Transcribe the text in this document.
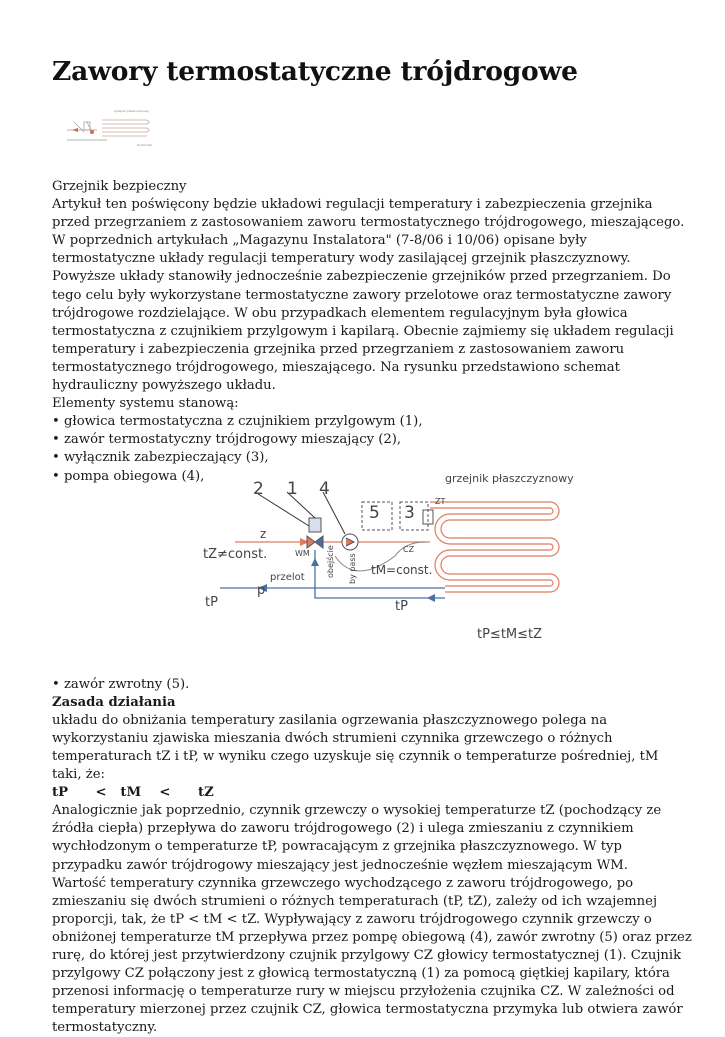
Zawory termostatyczne trójdrogowe
grzejnik płaszczyznowy
tp≤tm≤tz

Grzejnik bezpieczny

Artykuł ten poświęcony będzie układowi regulacji temperatury i zabezpieczenia grzejnika przed przegrzaniem z zastosowaniem zaworu termostatycznego trójdrogowego, mieszającego.

W poprzednich artykułach „Magazynu Instalatora" (7-8/06 i 10/06) opisane były termostatyczne układy regulacji temperatury wody zasilającej grzejnik płaszczyznowy. Powyższe układy stanowiły jednocześnie zabezpieczenie grzejników przed przegrzaniem. Do tego celu były wykorzystane termostatyczne zawory przelotowe oraz termostatyczne zawory trójdrogowe rozdzielające. W obu przypadkach elementem regulacyjnym była głowica termostatyczna z czujnikiem przylgowym i kapilarą. Obecnie zajmiemy się układem regulacji temperatury i zabezpieczenia grzejnika przed przegrzaniem z zastosowaniem zaworu termostatycznego trójdrogowego, mieszającego. Na rysunku przedstawiono schemat hydrauliczny powyższego układu.

Elementy systemu stanową:

• głowica termostatyczna z czujnikiem przylgowym (1),

• zawór termostatyczny trójdrogowy mieszający (2),

• wyłącznik zabezpieczający (3),

• pompa obiegowa (4),

• zawór zwrotny (5).

Zasada działania

układu do obniżania temperatury zasilania ogrzewania płaszczyznowego polega na wykorzystaniu zjawiska mieszania dwóch strumieni czynnika grzewczego o różnych temperaturach tZ i tP, w wyniku czego uzyskuje się czynnik o temperaturze pośredniej, tM taki, że:

tP      <   tM    <      tZ

Analogicznie jak poprzednio, czynnik grzewczy o wysokiej temperaturze tZ (pochodzący ze źródła ciepła) przepływa do zaworu trójdrogowego (2) i ulega zmieszaniu z czynnikiem wychłodzonym o temperaturze tP, powracającym z grzejnika płaszczyznowego. W typ przypadku zawór trójdrogowy mieszający jest jednocześnie węzłem mieszającym WM.

Wartość temperatury czynnika grzewczego wychodzącego z zaworu trójdrogowego, po zmieszaniu się dwóch strumieni o różnych temperaturach (tP, tZ), zależy od ich wzajemnej proporcji, tak, że tP < tM < tZ. Wypływający z zaworu trójdrogowego czynnik grzewczy o obniżonej temperaturze tM przepływa przez pompę obiegową (4), zawór zwrotny (5) oraz przez rurę, do której jest przytwierdzony czujnik przylgowy CZ głowicy termostatycznej (1). Czujnik przylgowy CZ połączony jest z głowicą termostatyczną (1) za pomocą giętkiej kapilary, która przenosi informację o temperaturze rury w miejscu przyłożenia czujnika CZ. W zależności od temperatury mierzonej przez czujnik CZ, głowica termostatyczna przymyka lub otwiera zawór termostatyczny.

grzejnik płaszczyznowy
2 1 4
5 3
ZT
z
tZ≠const.	WM obejście by pass
CZ
tM=const.
przelot
p
tP	tP
tP≤tM≤tZ
